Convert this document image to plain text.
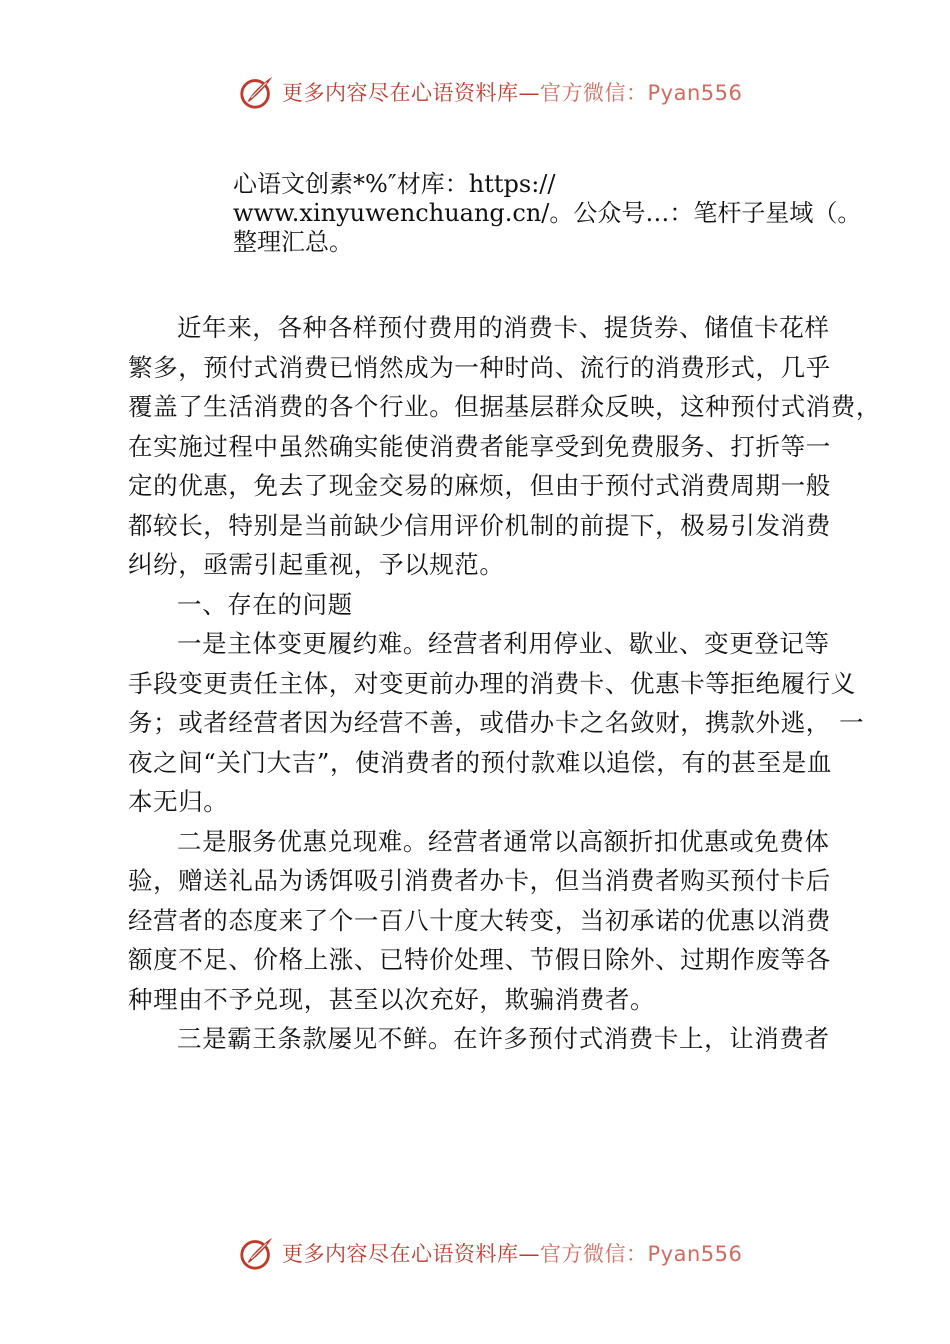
更多内容尽在心语资料库—官方微信：Pyan556
心语文创素*%″材库：https://
www.xinyuwenchuang.cn/。公众号…：笔杆子星域（。
整理汇总。

近年来，各种各样预付费用的消费卡、提货券、储值卡花样
繁多，预付式消费已悄然成为一种时尚、流行的消费形式，几乎
覆盖了生活消费的各个行业。但据基层群众反映，这种预付式消费，
在实施过程中虽然确实能使消费者能享受到免费服务、打折等一
定的优惠，免去了现金交易的麻烦，但由于预付式消费周期一般
都较长，特别是当前缺少信用评价机制的前提下，极易引发消费
纠纷，亟需引起重视，予以规范。

一、存在的问题

一是主体变更履约难。经营者利用停业、歇业、变更登记等
手段变更责任主体，对变更前办理的消费卡、优惠卡等拒绝履行义
务；或者经营者因为经营不善，或借办卡之名敛财，携款外逃， 一
夜之间“关门大吉”，使消费者的预付款难以追偿，有的甚至是血
本无归。

二是服务优惠兑现难。经营者通常以高额折扣优惠或免费体
验，赠送礼品为诱饵吸引消费者办卡，但当消费者购买预付卡后
经营者的态度来了个一百八十度大转变，当初承诺的优惠以消费
额度不足、价格上涨、已特价处理、节假日除外、过期作废等各
种理由不予兑现，甚至以次充好，欺骗消费者。

三是霸王条款屡见不鲜。在许多预付式消费卡上，让消费者

更多内容尽在心语资料库—官方微信：Pyan556
